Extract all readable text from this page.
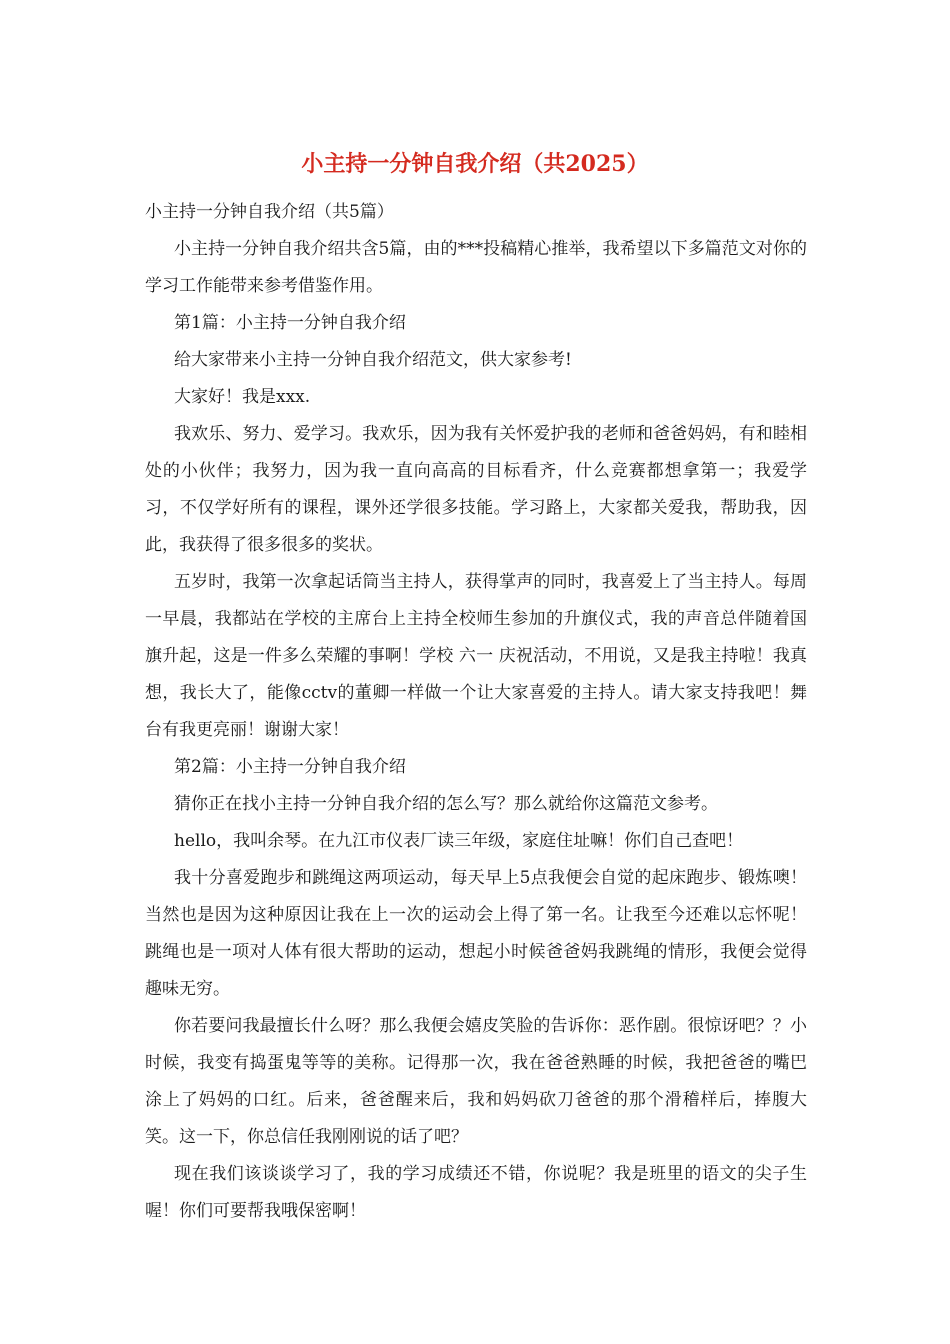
小主持一分钟自我介绍（共2025）

小主持一分钟自我介绍（共5篇）

小主持一分钟自我介绍共含5篇，由的***投稿精心推举，我希望以下多篇范文对你的学习工作能带来参考借鉴作用。

第1篇：小主持一分钟自我介绍

给大家带来小主持一分钟自我介绍范文，供大家参考!

大家好！我是xxx.

我欢乐、努力、爱学习。我欢乐，因为我有关怀爱护我的老师和爸爸妈妈，有和睦相处的小伙伴；我努力，因为我一直向高高的目标看齐，什么竞赛都想拿第一；我爱学习，不仅学好所有的课程，课外还学很多技能。学习路上，大家都关爱我，帮助我，因此，我获得了很多很多的奖状。

五岁时，我第一次拿起话筒当主持人，获得掌声的同时，我喜爱上了当主持人。每周一早晨，我都站在学校的主席台上主持全校师生参加的升旗仪式，我的声音总伴随着国旗升起，这是一件多么荣耀的事啊！学校 六一 庆祝活动，不用说，又是我主持啦！我真想，我长大了，能像cctv的董卿一样做一个让大家喜爱的主持人。请大家支持我吧！舞台有我更亮丽！谢谢大家！

第2篇：小主持一分钟自我介绍

猜你正在找小主持一分钟自我介绍的怎么写？那么就给你这篇范文参考。

hello，我叫余琴。在九江市仪表厂读三年级，家庭住址嘛！你们自己查吧！

我十分喜爱跑步和跳绳这两项运动，每天早上5点我便会自觉的起床跑步、锻炼噢！当然也是因为这种原因让我在上一次的运动会上得了第一名。让我至今还难以忘怀呢！跳绳也是一项对人体有很大帮助的运动，想起小时候爸爸妈我跳绳的情形，我便会觉得趣味无穷。

你若要问我最擅长什么呀？那么我便会嬉皮笑脸的告诉你：恶作剧。很惊讶吧？？小时候，我变有捣蛋鬼等等的美称。记得那一次，我在爸爸熟睡的时候，我把爸爸的嘴巴涂上了妈妈的口红。后来，爸爸醒来后，我和妈妈砍刀爸爸的那个滑稽样后，捧腹大笑。这一下，你总信任我刚刚说的话了吧？

现在我们该谈谈学习了，我的学习成绩还不错，你说呢？我是班里的语文的尖子生喔！你们可要帮我哦保密啊！
